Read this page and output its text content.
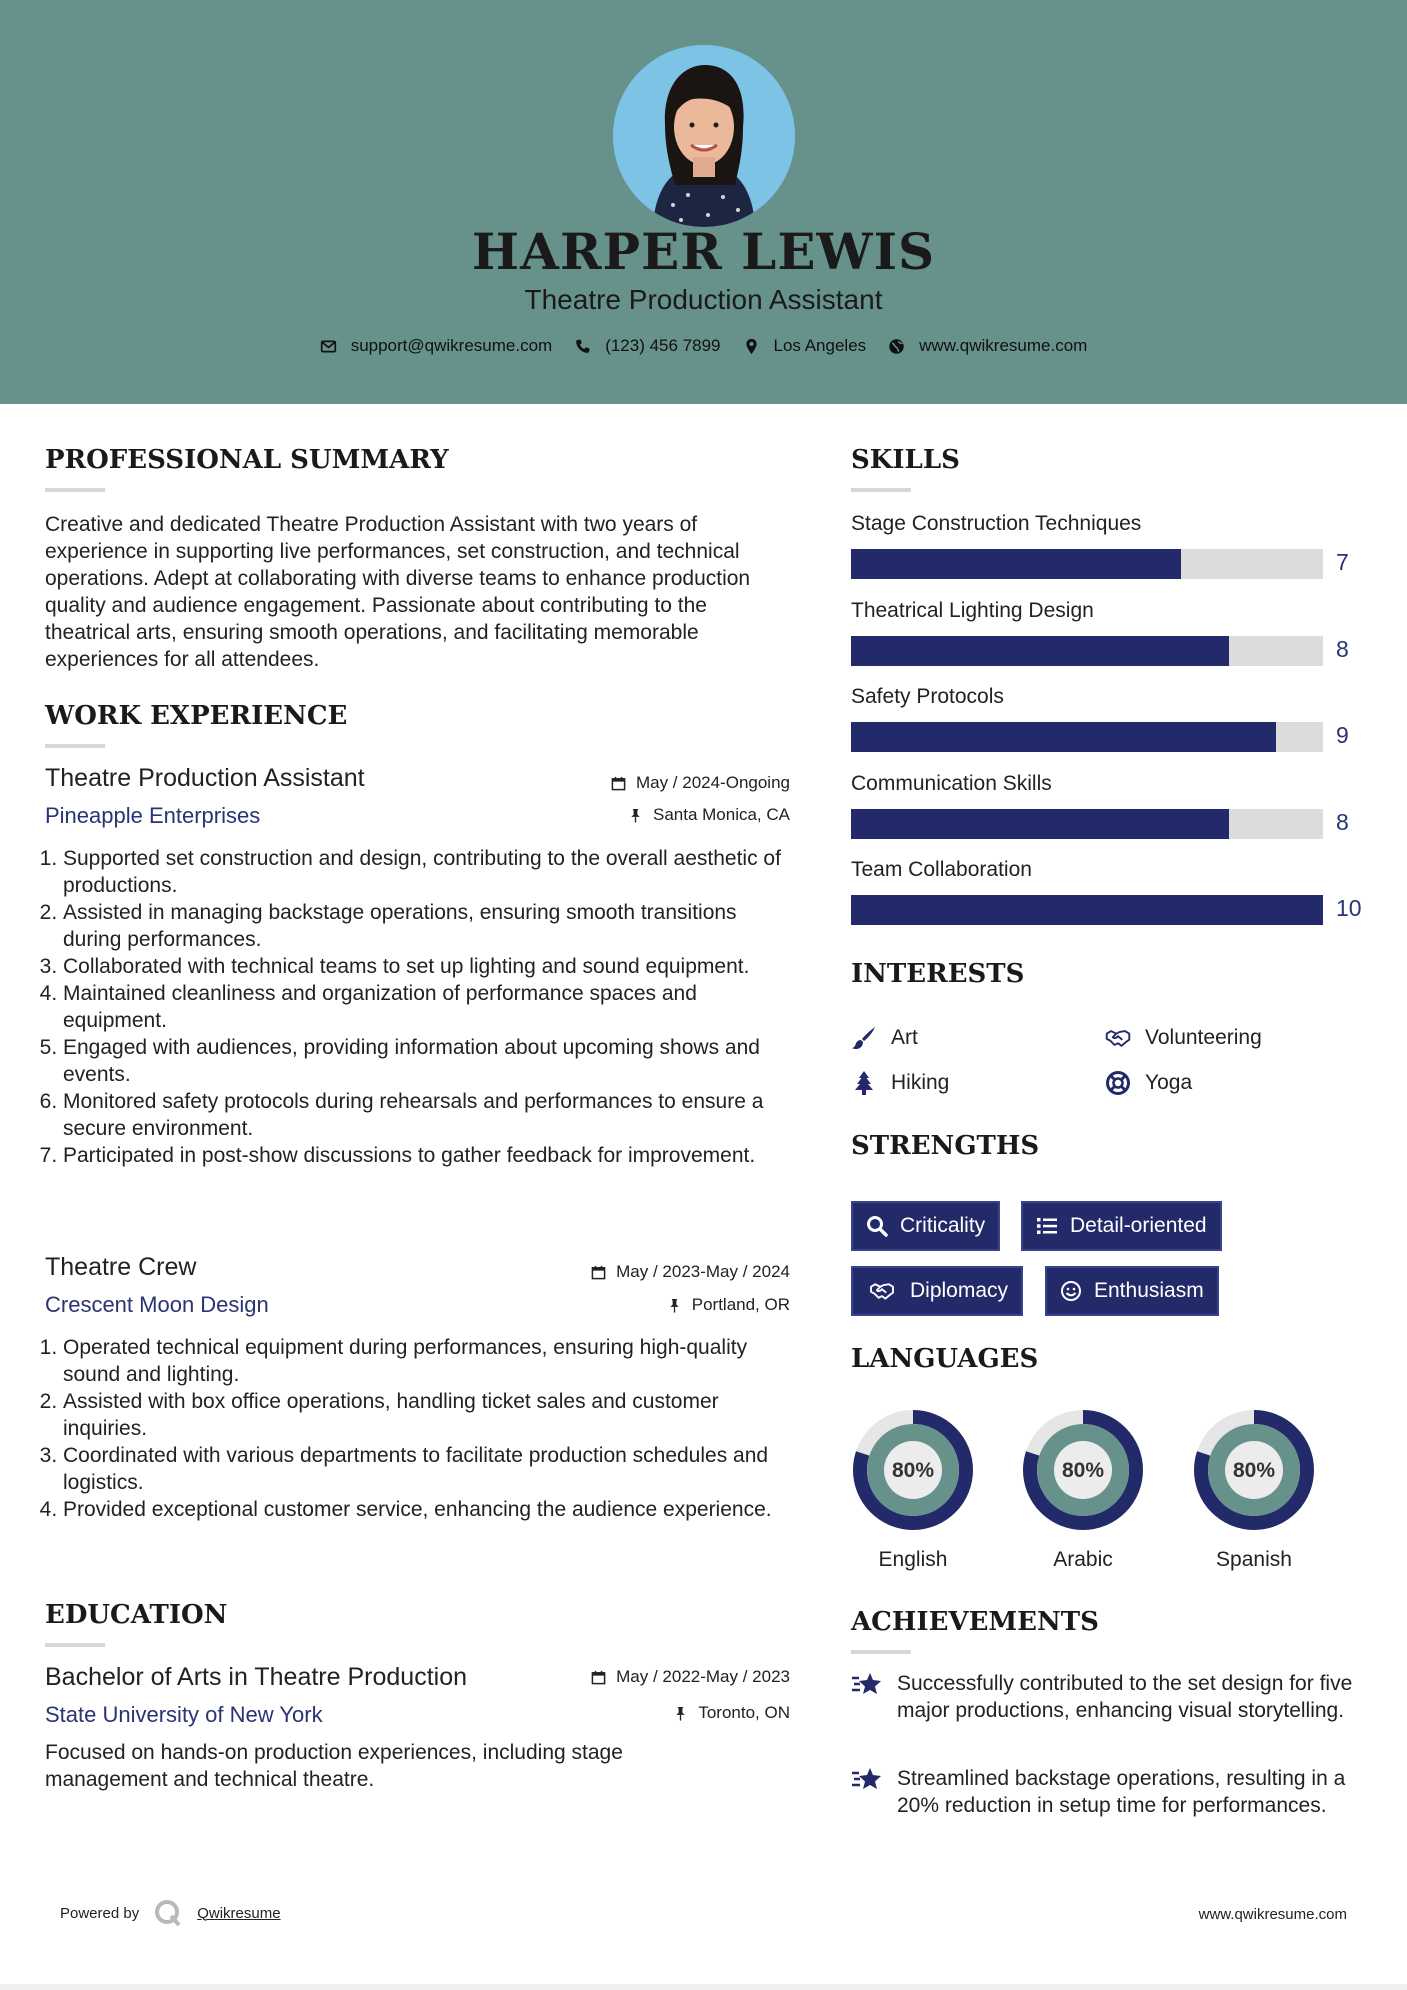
HARPER LEWIS
Theatre Production Assistant
support@qwikresume.com	(123) 456 7899	Los Angeles	www.qwikresume.com
PROFESSIONAL SUMMARY
Creative and dedicated Theatre Production Assistant with two years of experience in supporting live performances, set construction, and technical operations. Adept at collaborating with diverse teams to enhance production quality and audience engagement. Passionate about contributing to the theatrical arts, ensuring smooth operations, and facilitating memorable experiences for all attendees.
WORK EXPERIENCE
Theatre Production Assistant	May / 2024-Ongoing
Pineapple Enterprises	Santa Monica, CA
1. Supported set construction and design, contributing to the overall aesthetic of productions.
2. Assisted in managing backstage operations, ensuring smooth transitions during performances.
3. Collaborated with technical teams to set up lighting and sound equipment.
4. Maintained cleanliness and organization of performance spaces and equipment.
5. Engaged with audiences, providing information about upcoming shows and events.
6. Monitored safety protocols during rehearsals and performances to ensure a secure environment.
7. Participated in post-show discussions to gather feedback for improvement.
Theatre Crew	May / 2023-May / 2024
Crescent Moon Design	Portland, OR
1. Operated technical equipment during performances, ensuring high-quality sound and lighting.
2. Assisted with box office operations, handling ticket sales and customer inquiries.
3. Coordinated with various departments to facilitate production schedules and logistics.
4. Provided exceptional customer service, enhancing the audience experience.
EDUCATION
Bachelor of Arts in Theatre Production	May / 2022-May / 2023
State University of New York	Toronto, ON
Focused on hands-on production experiences, including stage management and technical theatre.
SKILLS
Stage Construction Techniques
7
Theatrical Lighting Design
8
Safety Protocols
9
Communication Skills
8
Team Collaboration
10
INTERESTS
Art	Volunteering
Hiking	Yoga
STRENGTHS
Criticality	Detail-oriented
Diplomacy	Enthusiasm
LANGUAGES
80%
English
80%
Arabic
80%
Spanish
ACHIEVEMENTS
Successfully contributed to the set design for five major productions, enhancing visual storytelling.
Streamlined backstage operations, resulting in a 20% reduction in setup time for performances.
Powered by	Qwikresume	www.qwikresume.com
